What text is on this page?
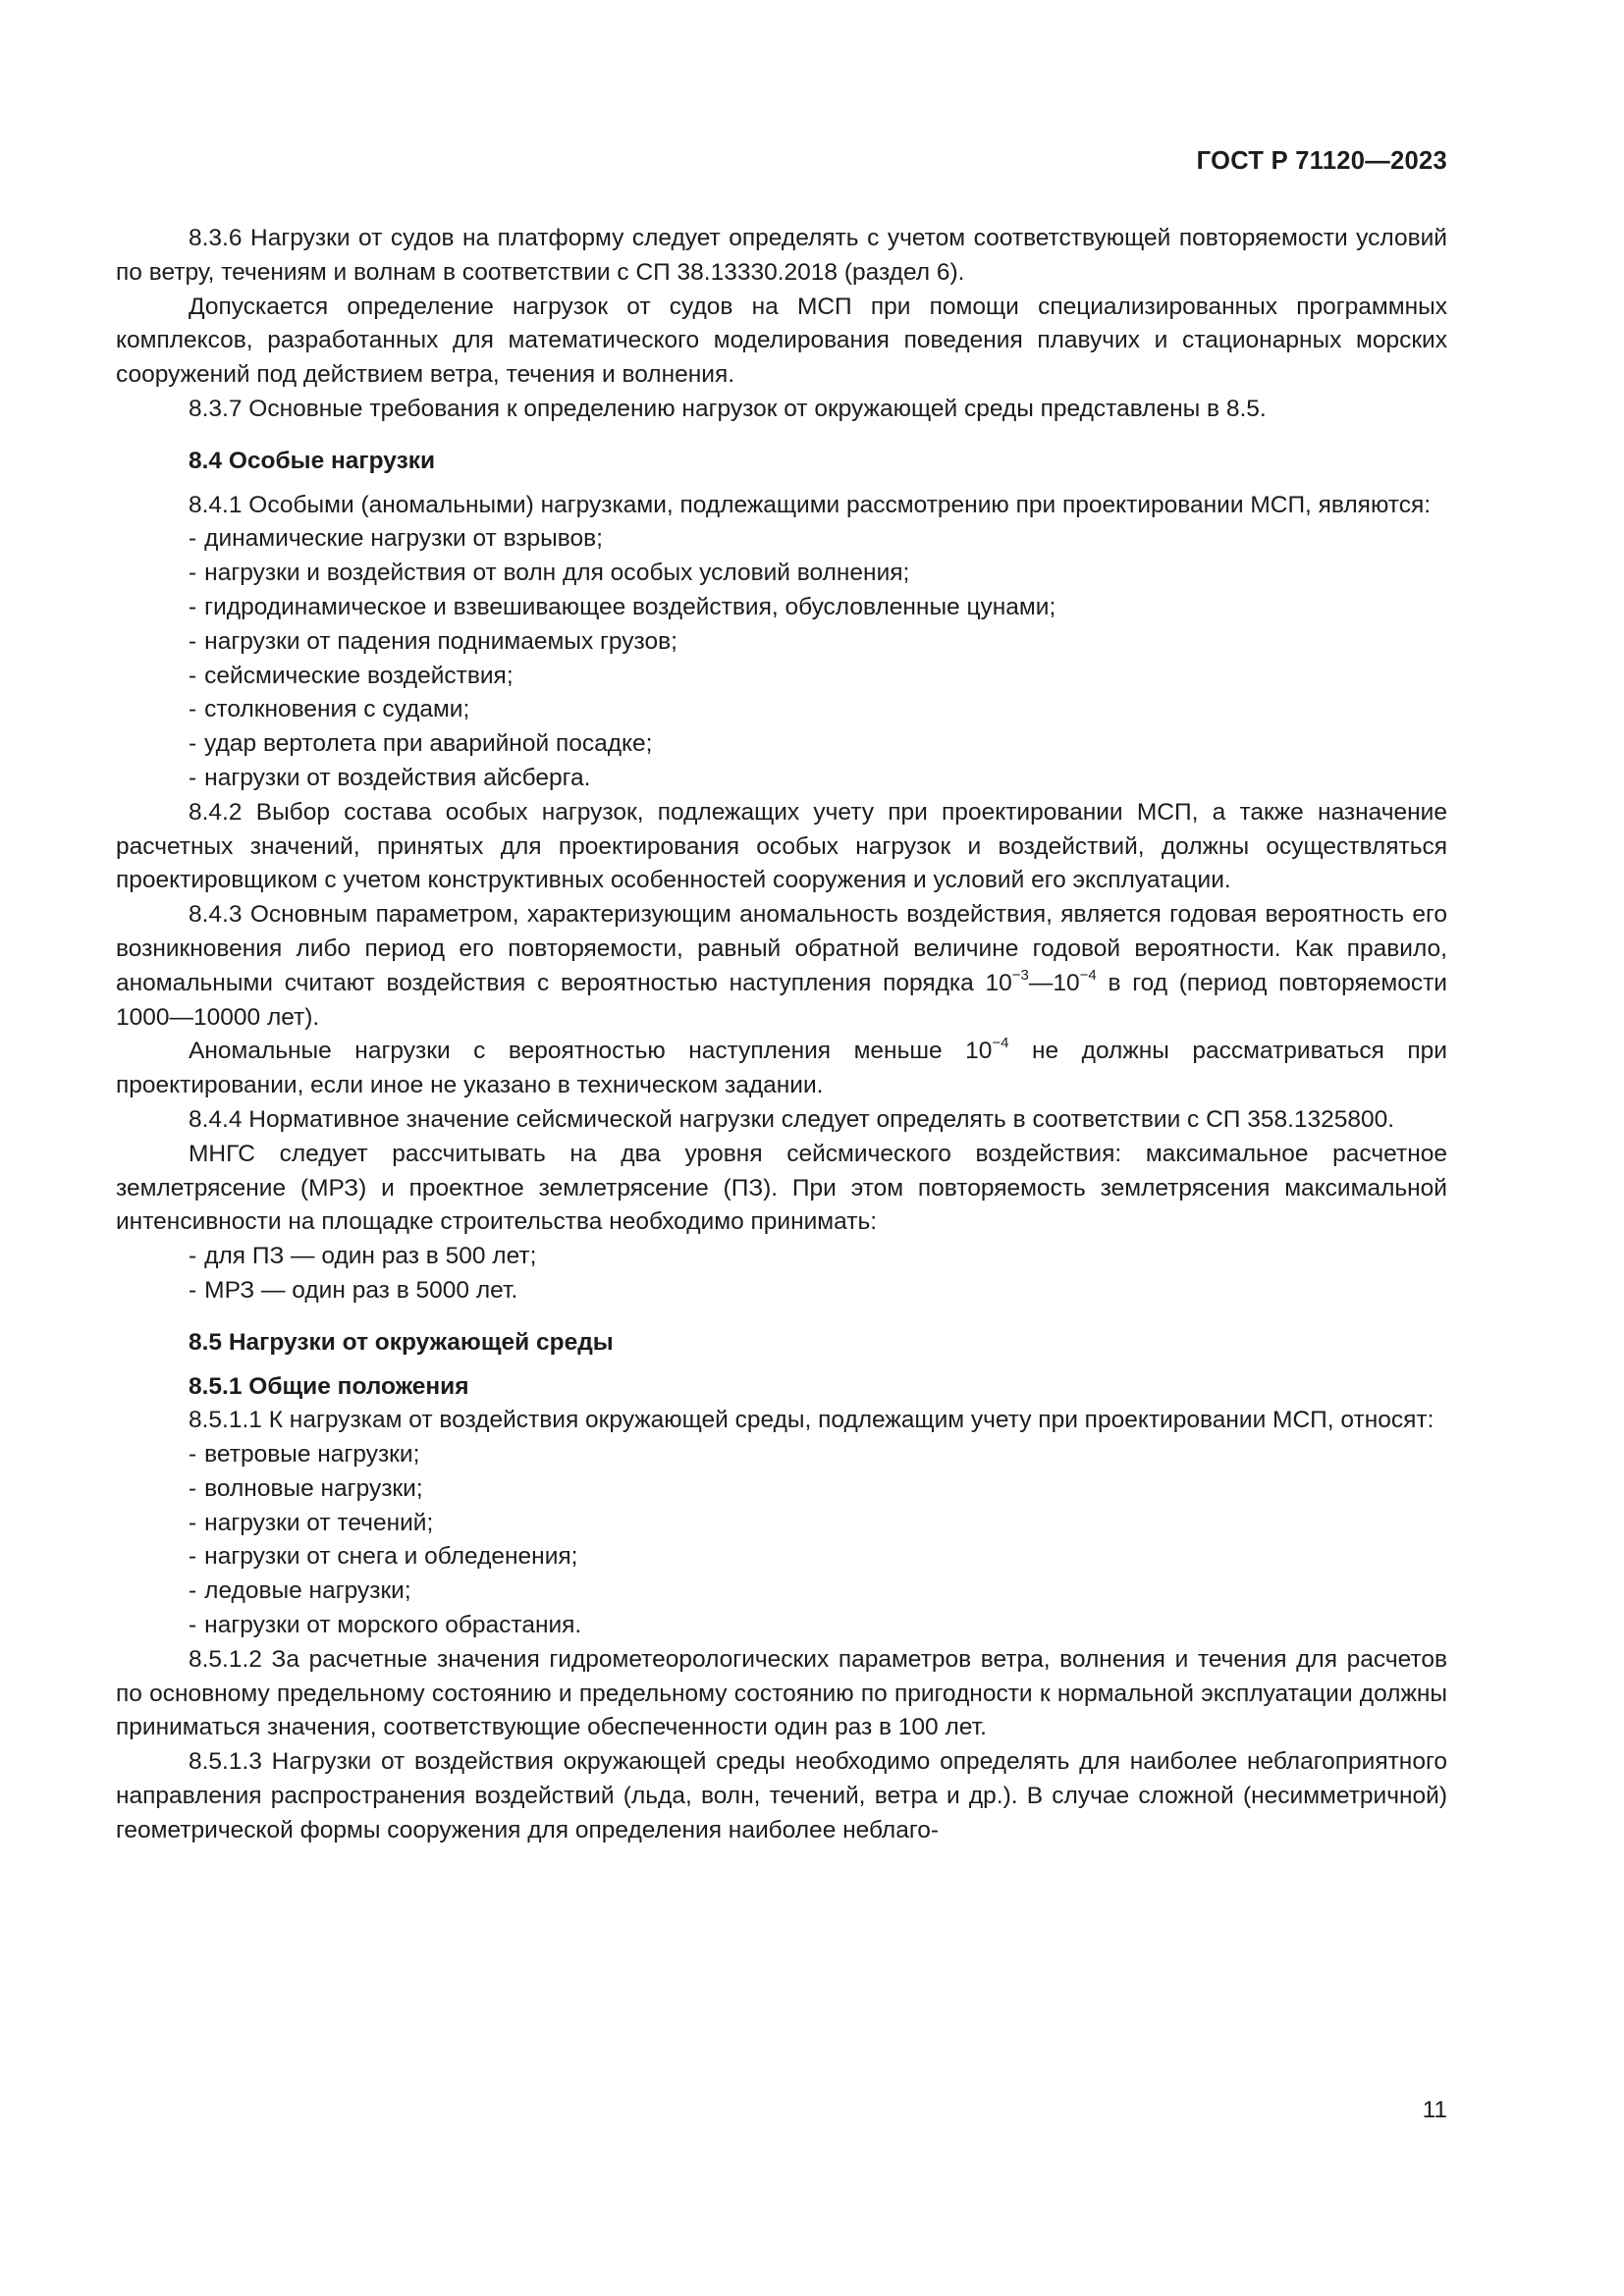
ГОСТ Р 71120—2023

8.3.6 Нагрузки от судов на платформу следует определять с учетом соответствующей повторяемости условий по ветру, течениям и волнам в соответствии с СП 38.13330.2018 (раздел 6).

Допускается определение нагрузок от судов на МСП при помощи специализированных программных комплексов, разработанных для математического моделирования поведения плавучих и стационарных морских сооружений под действием ветра, течения и волнения.

8.3.7 Основные требования к определению нагрузок от окружающей среды представлены в 8.5.

8.4 Особые нагрузки

8.4.1 Особыми (аномальными) нагрузками, подлежащими рассмотрению при проектировании МСП, являются:

- динамические нагрузки от взрывов;
- нагрузки и воздействия от волн для особых условий волнения;
- гидродинамическое и взвешивающее воздействия, обусловленные цунами;
- нагрузки от падения поднимаемых грузов;
- сейсмические воздействия;
- столкновения с судами;
- удар вертолета при аварийной посадке;
- нагрузки от воздействия айсберга.

8.4.2 Выбор состава особых нагрузок, подлежащих учету при проектировании МСП, а также назначение расчетных значений, принятых для проектирования особых нагрузок и воздействий, должны осуществляться проектировщиком с учетом конструктивных особенностей сооружения и условий его эксплуатации.

8.4.3 Основным параметром, характеризующим аномальность воздействия, является годовая вероятность его возникновения либо период его повторяемости, равный обратной величине годовой вероятности. Как правило, аномальными считают воздействия с вероятностью наступления порядка $10^{-3}—10^{-4}$ в год (период повторяемости 1000—10000 лет).

Аномальные нагрузки с вероятностью наступления меньше $10^{-4}$ не должны рассматриваться при проектировании, если иное не указано в техническом задании.

8.4.4 Нормативное значение сейсмической нагрузки следует определять в соответствии с СП 358.1325800.

МНГС следует рассчитывать на два уровня сейсмического воздействия: максимальное расчетное землетрясение (МРЗ) и проектное землетрясение (ПЗ). При этом повторяемость землетрясения максимальной интенсивности на площадке строительства необходимо принимать:

- для ПЗ — один раз в 500 лет;
- МРЗ — один раз в 5000 лет.
8.5 Нагрузки от окружающей среды
8.5.1 Общие положения

8.5.1.1 К нагрузкам от воздействия окружающей среды, подлежащим учету при проектировании МСП, относят:

- ветровые нагрузки;
- волновые нагрузки;
- нагрузки от течений;
- нагрузки от снега и обледенения;
- ледовые нагрузки;
- нагрузки от морского обрастания.

8.5.1.2 За расчетные значения гидрометеорологических параметров ветра, волнения и течения для расчетов по основному предельному состоянию и предельному состоянию по пригодности к нормальной эксплуатации должны приниматься значения, соответствующие обеспеченности один раз в 100 лет.

8.5.1.3 Нагрузки от воздействия окружающей среды необходимо определять для наиболее неблагоприятного направления распространения воздействий (льда, волн, течений, ветра и др.). В случае сложной (несимметричной) геометрической формы сооружения для определения наиболее неблаго-

11
